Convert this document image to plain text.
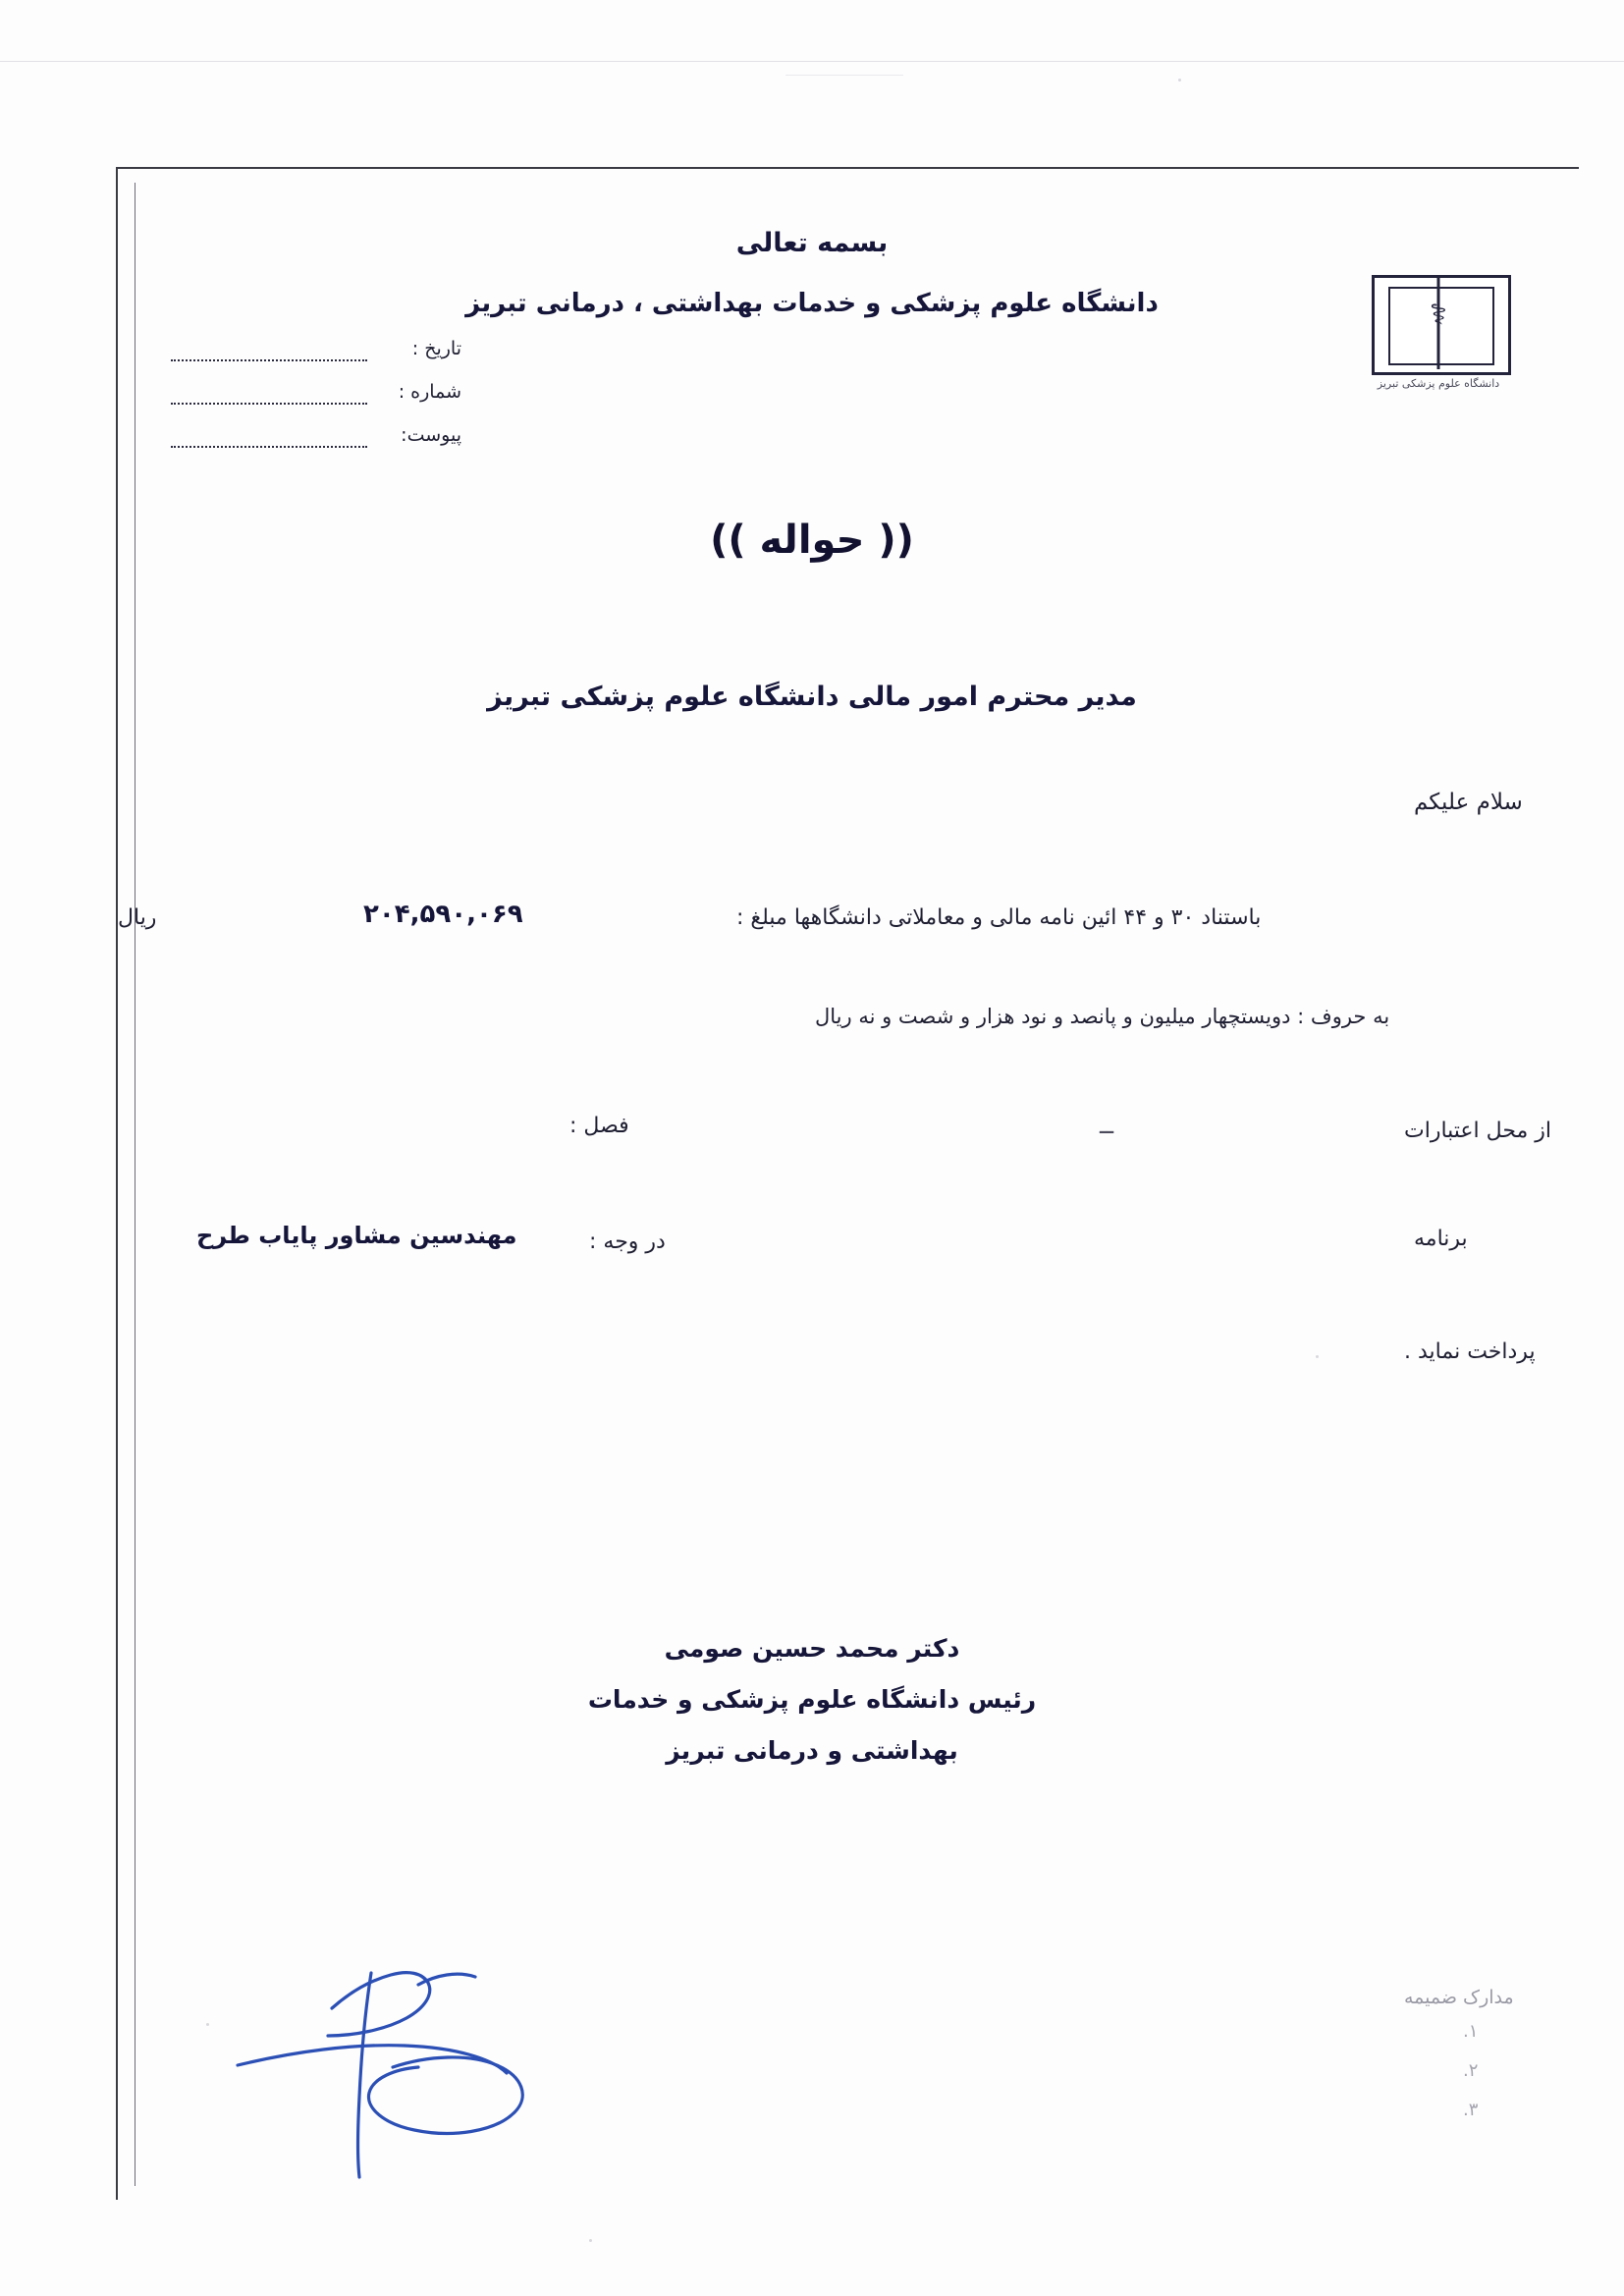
بسمه تعالی
دانشگاه علوم پزشکی و خدمات بهداشتی ، درمانی تبریز	⚕
دانشگاه علوم پزشکی تبریز
تاریخ :
شماره :
پیوست:
(( حواله ))
مدیر محترم امور مالی دانشگاه علوم پزشکی تبریز
سلام علیکم
باستناد ۳۰ و ۴۴ ائین نامه مالی و معاملاتی دانشگاهها مبلغ :
۲۰۴,۵۹۰,۰۶۹
ریال
به حروف : دویستچهار میلیون و پانصد و نود هزار و شصت و نه ریال
از محل اعتبارات
ــ
فصل :
برنامه
در وجه :
مهندسین مشاور پایاب طرح
پرداخت نماید .
دکتر محمد حسین صومی
رئیس دانشگاه علوم پزشکی و خدمات
بهداشتی و درمانی تبریز
مدارک ضمیمه
۱.
۲.
۳.
